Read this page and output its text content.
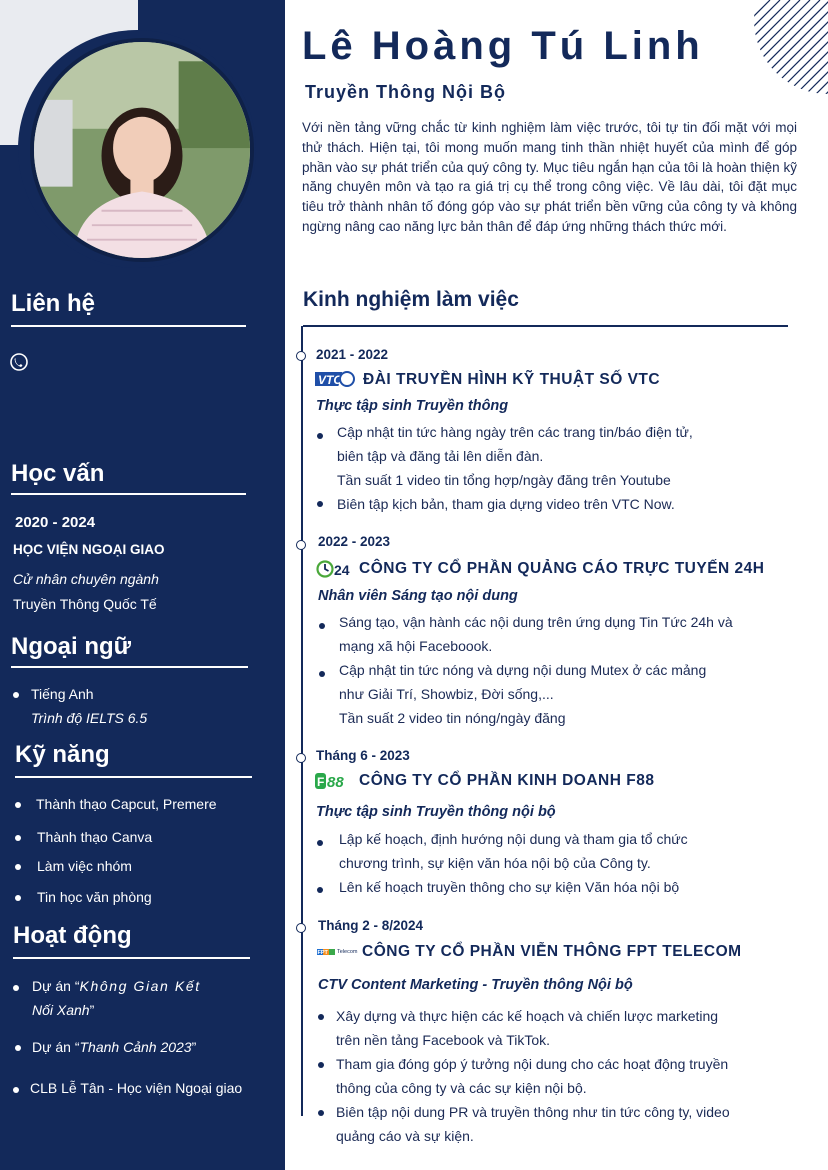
Liên hệ
Học vấn
2020 - 2024
HỌC VIỆN NGOẠI GIAO
Cử nhân chuyên ngành
Truyền Thông Quốc Tế
Ngoại ngữ
Tiếng Anh
Trình độ IELTS 6.5
Kỹ năng
Thành thạo Capcut, Premere
Thành thạo Canva
Làm việc nhóm
Tin học văn phòng
Hoạt động
Dự án “Không Gian Kết
Nối Xanh”
Dự án “Thanh Cảnh 2023”
CLB Lễ Tân - Học viện Ngoại giao
Lê Hoàng Tú Linh
Truyền Thông Nội Bộ
Với nền tảng vững chắc từ kinh nghiệm làm việc trước, tôi tự tin đối mặt với mọi thử thách. Hiện tại, tôi mong muốn mang tinh thần nhiệt huyết của mình để góp phần vào sự phát triển của quý công ty. Mục tiêu ngắn hạn của tôi là hoàn thiện kỹ năng chuyên môn và tạo ra giá trị cụ thể trong công việc. Về lâu dài, tôi đặt mục tiêu trở thành nhân tố đóng góp vào sự phát triển bền vững của công ty và không ngừng nâng cao năng lực bản thân để đáp ứng những thách thức mới.
Kinh nghiệm làm việc
2021 - 2022
VTC ĐÀI TRUYỀN HÌNH KỸ THUẬT SỐ VTC
Thực tập sinh Truyền thông
Cập nhật tin tức hàng ngày trên các trang tin/báo điện tử,
biên tập và đăng tải lên diễn đàn.
Tần suất 1 video tin tổng hợp/ngày đăng trên Youtube
Biên tập kịch bản, tham gia dựng video trên VTC Now.
2022 - 2023
24 CÔNG TY CỔ PHẦN QUẢNG CÁO TRỰC TUYẾN 24H
Nhân viên Sáng tạo nội dung
Sáng tạo, vận hành các nội dung trên ứng dụng Tin Tức 24h và
mạng xã hội Faceboook.
Cập nhật tin tức nóng và dựng nội dung Mutex ở các mảng
như Giải Trí, Showbiz, Đời sống,...
Tần suất 2 video tin nóng/ngày đăng
Tháng 6 - 2023
F 88 CÔNG TY CỔ PHẦN KINH DOANH F88
Thực tập sinh Truyền thông nội bộ
Lập kế hoạch, định hướng nội dung và tham gia tổ chức
chương trình, sự kiện văn hóa nội bộ của Công ty.
Lên kế hoạch truyền thông cho sự kiện Văn hóa nội bộ
Tháng 2 - 8/2024
FPT Telecom CÔNG TY CỔ PHẦN VIỄN THÔNG FPT TELECOM
CTV Content Marketing - Truyền thông Nội bộ
Xây dựng và thực hiện các kế hoạch và chiến lược marketing
trên nền tảng Facebook và TikTok.
Tham gia đóng góp ý tưởng nội dung cho các hoạt động truyền
thông của công ty và các sự kiện nội bộ.
Biên tập nội dung PR và truyền thông như tin tức công ty, video
quảng cáo và sự kiện.
